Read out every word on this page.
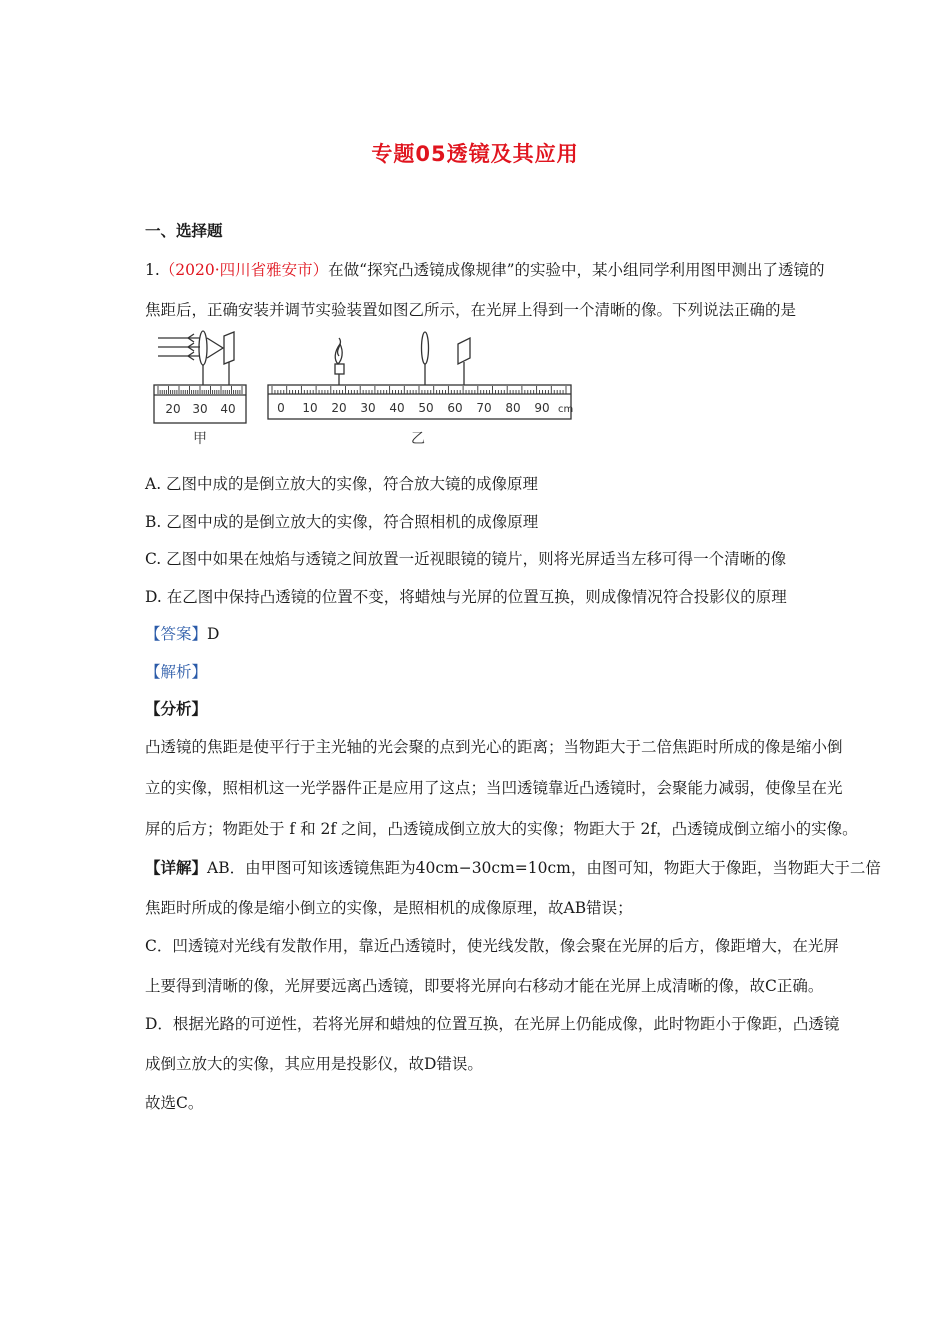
专题05透镜及其应用
一、选择题
1.（2020·四川省雅安市）在做“探究凸透镜成像规律”的实验中，某小组同学利用图甲测出了透镜的
焦距后，正确安装并调节实验装置如图乙所示，在光屏上得到一个清晰的像。下列说法正确的是
20 30 40
甲
0 10 20 30 40 50 60 70 80 90 cm
乙
A. 乙图中成的是倒立放大的实像，符合放大镜的成像原理
B. 乙图中成的是倒立放大的实像，符合照相机的成像原理
C. 乙图中如果在烛焰与透镜之间放置一近视眼镜的镜片，则将光屏适当左移可得一个清晰的像
D. 在乙图中保持凸透镜的位置不变，将蜡烛与光屏的位置互换，则成像情况符合投影仪的原理
【答案】D
【解析】
【分析】
凸透镜的焦距是使平行于主光轴的光会聚的点到光心的距离；当物距大于二倍焦距时所成的像是缩小倒
立的实像，照相机这一光学器件正是应用了这点；当凹透镜靠近凸透镜时，会聚能力减弱，使像呈在光
屏的后方；物距处于 f 和 2f 之间，凸透镜成倒立放大的实像；物距大于 2f，凸透镜成倒立缩小的实像。
【详解】AB．由甲图可知该透镜焦距为40cm−30cm=10cm，由图可知，物距大于像距，当物距大于二倍
焦距时所成的像是缩小倒立的实像，是照相机的成像原理，故AB错误；
C．凹透镜对光线有发散作用，靠近凸透镜时，使光线发散，像会聚在光屏的后方，像距增大，在光屏
上要得到清晰的像，光屏要远离凸透镜，即要将光屏向右移动才能在光屏上成清晰的像，故C正确。
D．根据光路的可逆性，若将光屏和蜡烛的位置互换，在光屏上仍能成像，此时物距小于像距，凸透镜
成倒立放大的实像，其应用是投影仪，故D错误。
故选C。
